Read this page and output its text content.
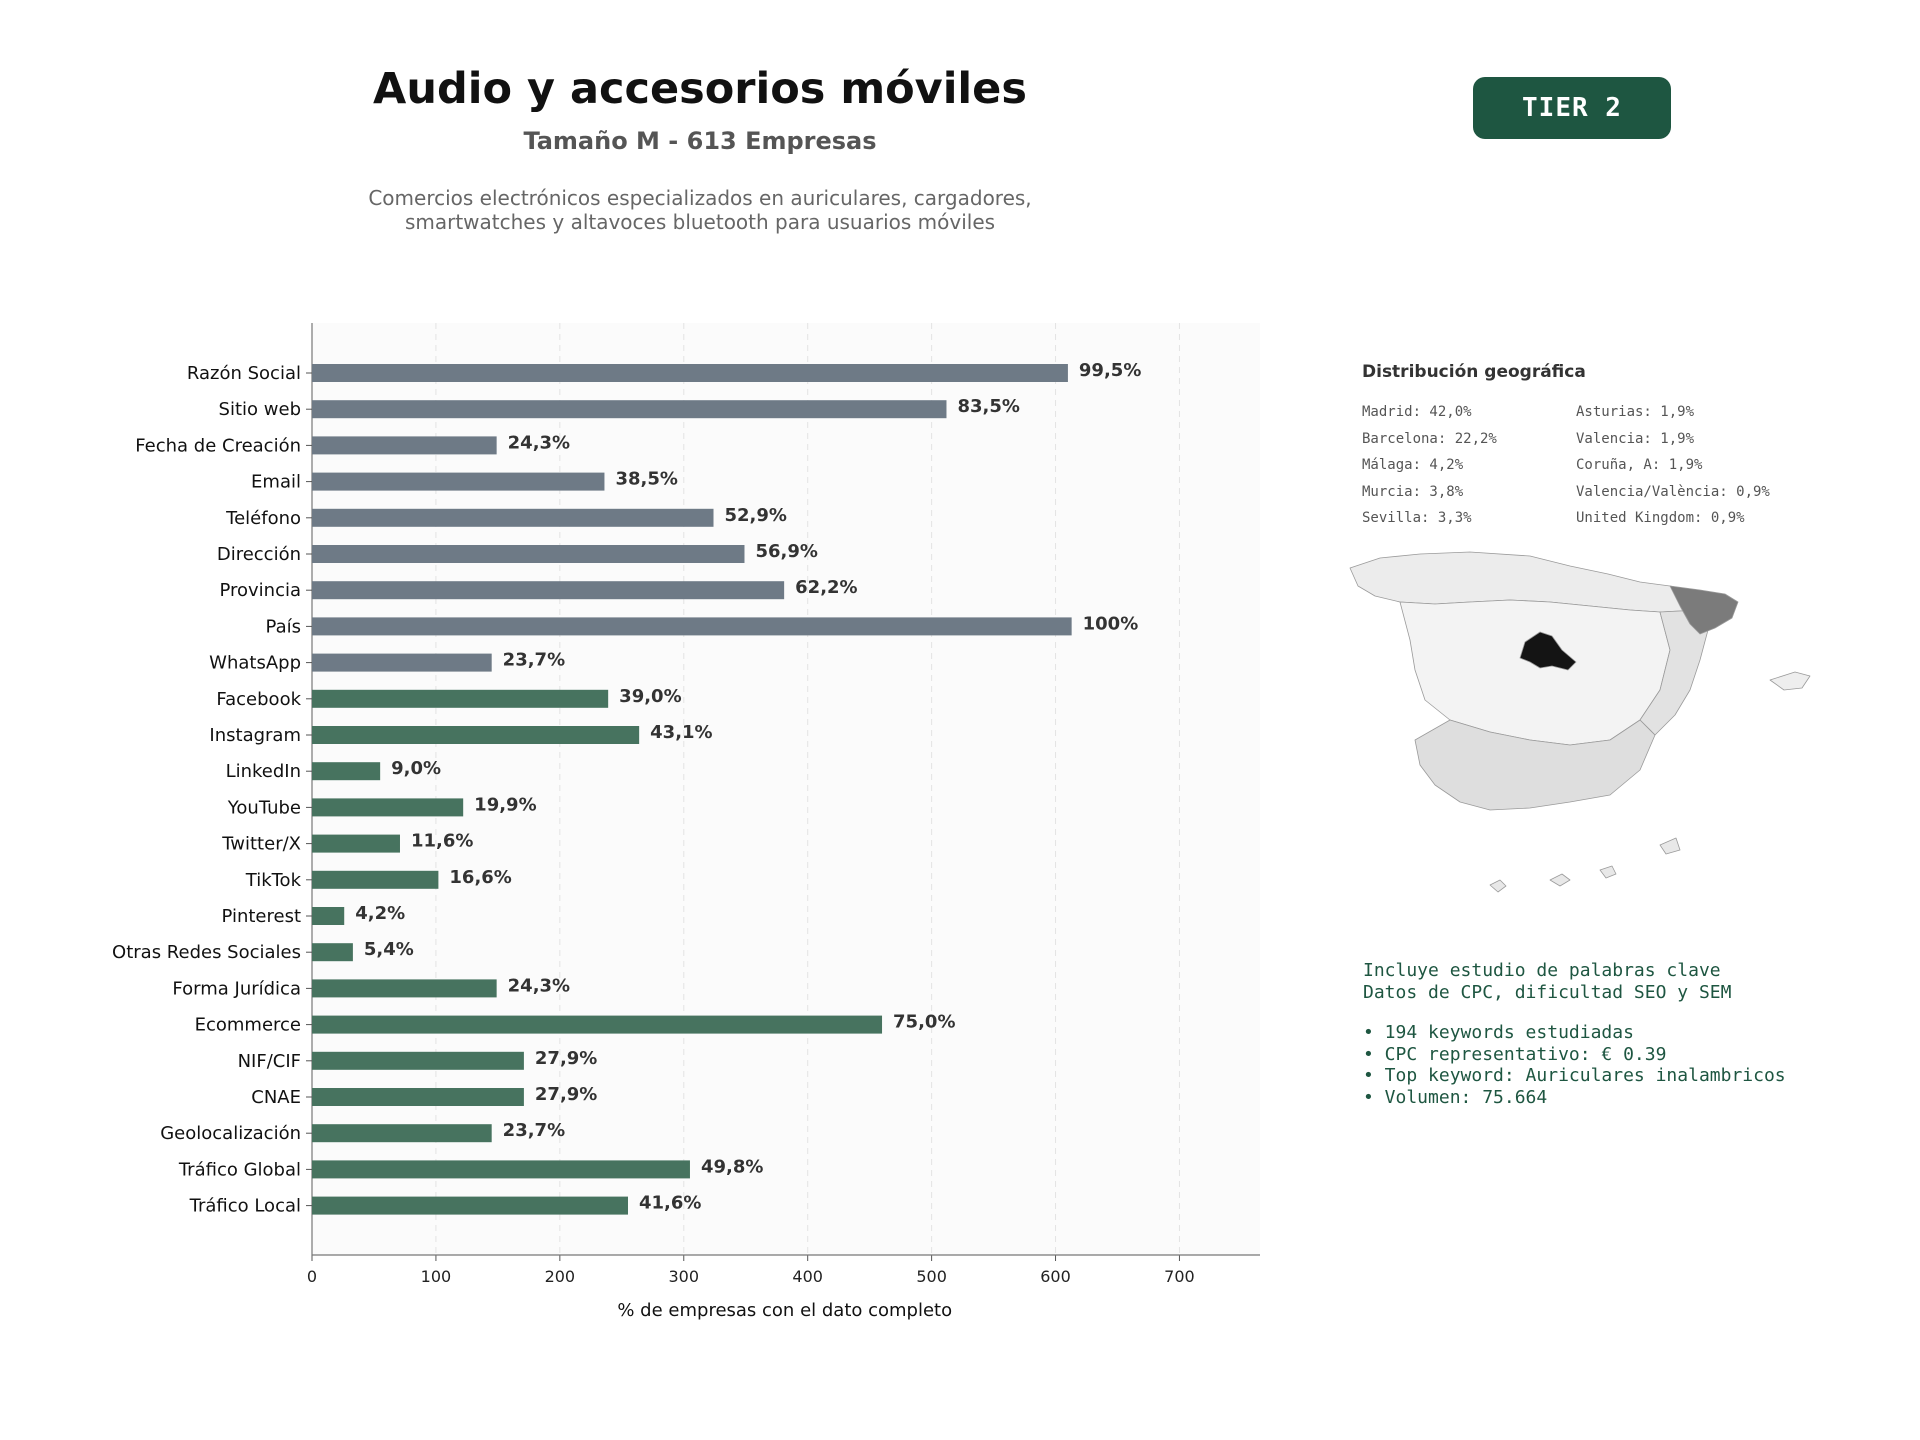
Audio y accesorios móviles
Tamaño M - 613 Empresas
Comercios electrónicos especializados en auriculares, cargadores,
smartwatches y altavoces bluetooth para usuarios móviles
TIER 2
0	100	200	300	400	500	600	700
Razón Social	99,5%
Sitio web	83,5%
Fecha de Creación	24,3%
Email	38,5%
Teléfono	52,9%
Dirección	56,9%
Provincia	62,2%
País	100%
WhatsApp	23,7%
Facebook	39,0%
Instagram	43,1%
LinkedIn	9,0%
YouTube	19,9%
Twitter/X	11,6%
TikTok	16,6%
Pinterest	4,2%
Otras Redes Sociales	5,4%
Forma Jurídica	24,3%
Ecommerce	75,0%
NIF/CIF	27,9%
CNAE	27,9%
Geolocalización	23,7%
Tráfico Global	49,8%
Tráfico Local	41,6%
% de empresas con el dato completo
Distribución geográfica
Madrid: 42,0%
Barcelona: 22,2%
Málaga: 4,2%
Murcia: 3,8%
Sevilla: 3,3%
Asturias: 1,9%
Valencia: 1,9%
Coruña, A: 1,9%
Valencia/València: 0,9%
United Kingdom: 0,9%
Incluye estudio de palabras clave
Datos de CPC, dificultad SEO y SEM
• 194 keywords estudiadas
• CPC representativo: € 0.39
• Top keyword: Auriculares inalambricos
• Volumen: 75.664
